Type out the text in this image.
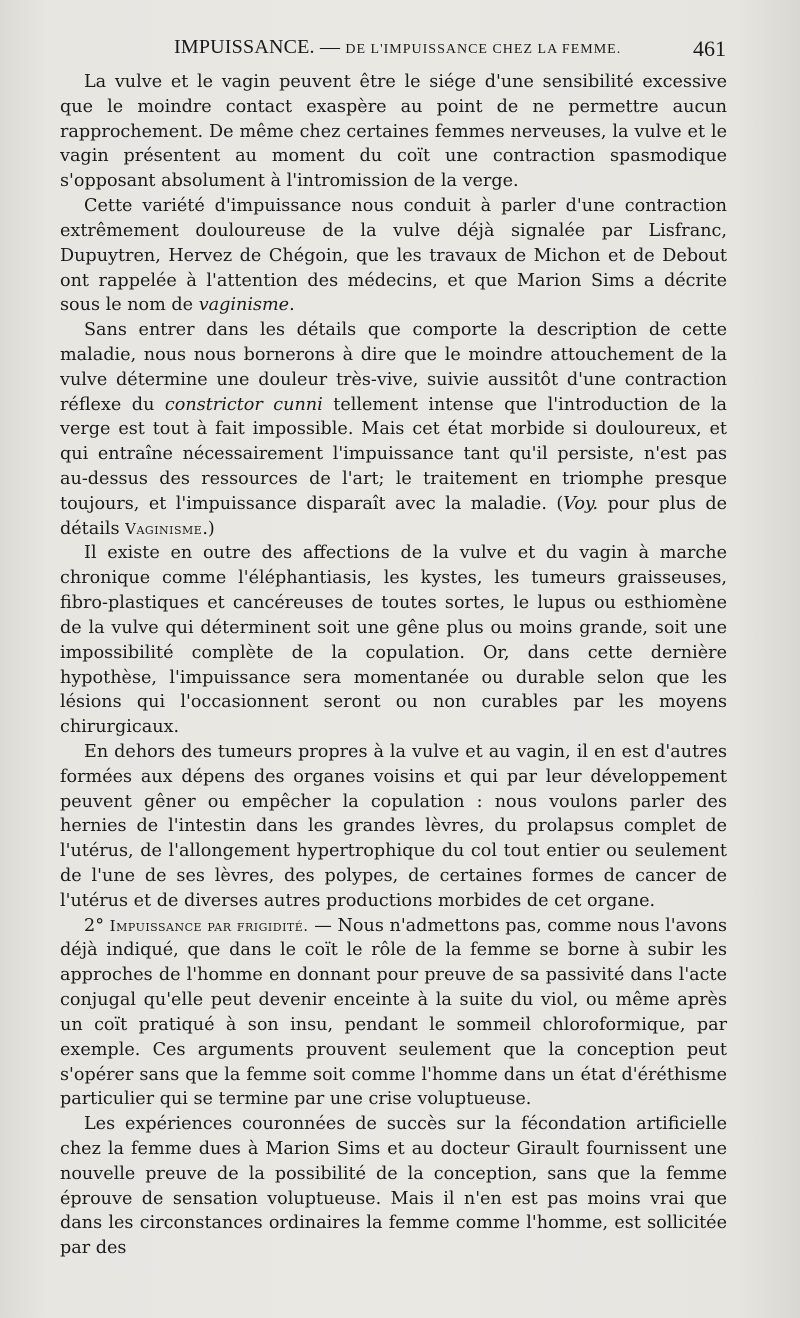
IMPUISSANCE. — DE L'IMPUISSANCE CHEZ LA FEMME.	461

La vulve et le vagin peuvent être le siége d'une sensibilité excessive que le moindre contact exaspère au point de ne permettre aucun rapprochement. De même chez certaines femmes nerveuses, la vulve et le vagin présentent au moment du coït une contraction spasmodique s'opposant absolument à l'intromission de la verge.

Cette variété d'impuissance nous conduit à parler d'une contraction extrêmement douloureuse de la vulve déjà signalée par Lisfranc, Dupuytren, Hervez de Chégoin, que les travaux de Michon et de Debout ont rappelée à l'attention des médecins, et que Marion Sims a décrite sous le nom de vaginisme.

Sans entrer dans les détails que comporte la description de cette maladie, nous nous bornerons à dire que le moindre attouchement de la vulve détermine une douleur très-vive, suivie aussitôt d'une contraction réflexe du constrictor cunni tellement intense que l'introduction de la verge est tout à fait impossible. Mais cet état morbide si douloureux, et qui entraîne nécessairement l'impuissance tant qu'il persiste, n'est pas au-dessus des ressources de l'art; le traitement en triomphe presque toujours, et l'impuissance disparaît avec la maladie. (Voy. pour plus de détails Vaginisme.)

Il existe en outre des affections de la vulve et du vagin à marche chronique comme l'éléphantiasis, les kystes, les tumeurs graisseuses, fibro-plastiques et cancéreuses de toutes sortes, le lupus ou esthiomène de la vulve qui déterminent soit une gêne plus ou moins grande, soit une impossibilité complète de la copulation. Or, dans cette dernière hypothèse, l'impuissance sera momentanée ou durable selon que les lésions qui l'occasionnent seront ou non curables par les moyens chirurgicaux.

En dehors des tumeurs propres à la vulve et au vagin, il en est d'autres formées aux dépens des organes voisins et qui par leur développement peuvent gêner ou empêcher la copulation : nous voulons parler des hernies de l'intestin dans les grandes lèvres, du prolapsus complet de l'utérus, de l'allongement hypertrophique du col tout entier ou seulement de l'une de ses lèvres, des polypes, de certaines formes de cancer de l'utérus et de diverses autres productions morbides de cet organe.

2° Impuissance par frigidité. — Nous n'admettons pas, comme nous l'avons déjà indiqué, que dans le coït le rôle de la femme se borne à subir les approches de l'homme en donnant pour preuve de sa passivité dans l'acte conjugal qu'elle peut devenir enceinte à la suite du viol, ou même après un coït pratiqué à son insu, pendant le sommeil chloroformique, par exemple. Ces arguments prouvent seulement que la conception peut s'opérer sans que la femme soit comme l'homme dans un état d'éréthisme particulier qui se termine par une crise voluptueuse.

Les expériences couronnées de succès sur la fécondation artificielle chez la femme dues à Marion Sims et au docteur Girault fournissent une nouvelle preuve de la possibilité de la conception, sans que la femme éprouve de sensation voluptueuse. Mais il n'en est pas moins vrai que dans les circonstances ordinaires la femme comme l'homme, est sollicitée par des
